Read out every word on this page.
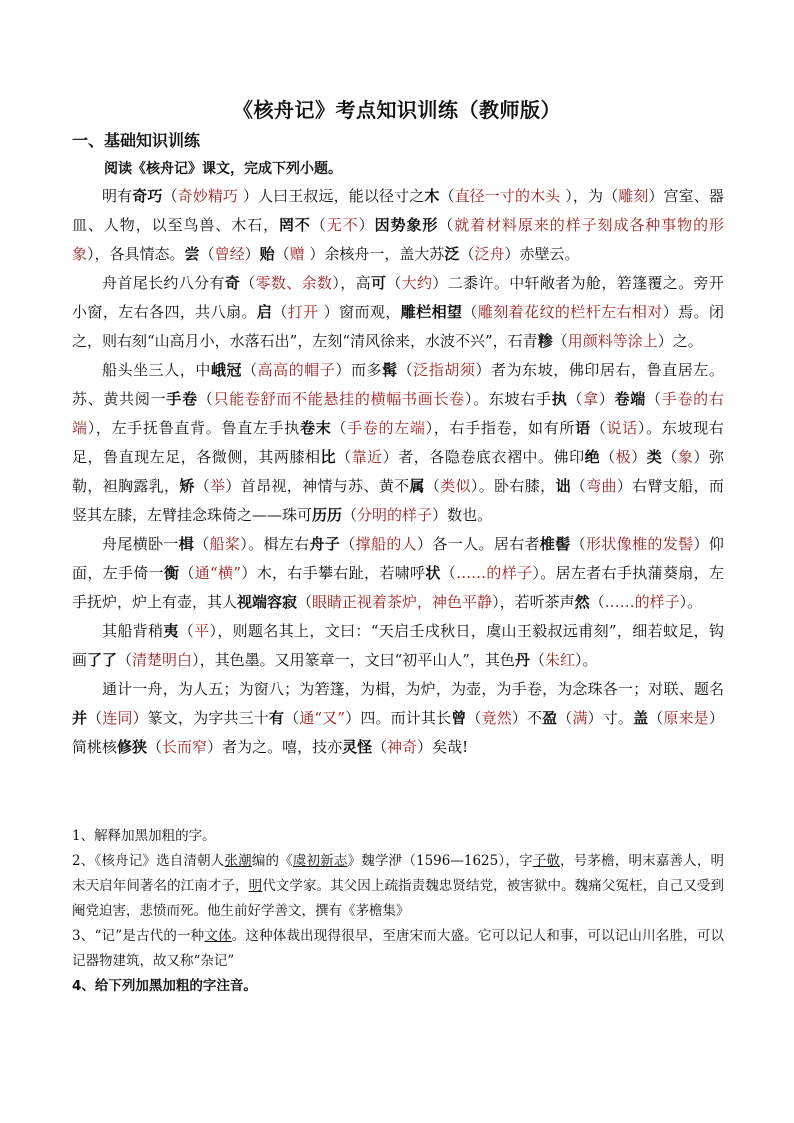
《核舟记》考点知识训练（教师版）
一、基础知识训练
阅读《核舟记》课文，完成下列小题。

明有奇巧（奇妙精巧 ）人曰王叔远，能以径寸之木（直径一寸的木头 ），为（雕刻）宫室、器皿、人物，以至鸟兽、木石，罔不（无不）因势象形（就着材料原来的样子刻成各种事物的形象），各具情态。尝（曾经）贻（赠 ）余核舟一，盖大苏泛（泛舟）赤壁云。

舟首尾长约八分有奇（零数、余数），高可（大约）二黍许。中轩敞者为舱，箬篷覆之。旁开小窗，左右各四，共八扇。启（打开 ）窗而观，雕栏相望（雕刻着花纹的栏杆左右相对）焉。闭之，则右刻“山高月小，水落石出”，左刻“清风徐来，水波不兴”，石青糁（用颜料等涂上）之。

船头坐三人，中峨冠（高高的帽子）而多髯（泛指胡须）者为东坡，佛印居右，鲁直居左。苏、黄共阅一手卷（只能卷舒而不能悬挂的横幅书画长卷）。东坡右手执（拿）卷端（手卷的右端），左手抚鲁直背。鲁直左手执卷末（手卷的左端），右手指卷，如有所语（说话）。东坡现右足，鲁直现左足，各微侧，其两膝相比（靠近）者，各隐卷底衣褶中。佛印绝（极）类（象）弥勒，袒胸露乳，矫（举）首昂视，神情与苏、黄不属（类似）。卧右膝，诎（弯曲）右臂支船，而竖其左膝，左臂挂念珠倚之——珠可历历（分明的样子）数也。

舟尾横卧一楫（船桨）。楫左右舟子（撑船的人）各一人。居右者椎髻（形状像椎的发髻）仰面，左手倚一衡（通“横”）木，右手攀右趾，若啸呼状（……的样子）。居左者右手执蒲葵扇，左手抚炉，炉上有壶，其人视端容寂（眼睛正视着茶炉，神色平静），若听茶声然（……的样子）。

其船背稍夷（平），则题名其上，文曰：“天启壬戌秋日，虞山王毅叔远甫刻”，细若蚊足，钩画了了（清楚明白），其色墨。又用篆章一，文曰“初平山人”，其色丹（朱红）。

通计一舟，为人五；为窗八；为箬篷，为楫，为炉，为壶，为手卷，为念珠各一；对联、题名并（连同）篆文，为字共三十有（通“又”）四。而计其长曾（竟然）不盈（满）寸。盖（原来是）简桃核修狭（长而窄）者为之。嘻，技亦灵怪（神奇）矣哉!

1、解释加黑加粗的字。

2、《核舟记》选自清朝人张潮编的《虞初新志》魏学洢（1596—1625），字子敬，号茅檐，明末嘉善人，明末天启年间著名的江南才子，明代文学家。其父因上疏指责魏忠贤结党，被害狱中。魏痛父冤枉，自己又受到阉党迫害，悲愤而死。他生前好学善文，撰有《茅檐集》

3、“记”是古代的一种文体。这种体裁出现得很早，至唐宋而大盛。它可以记人和事，可以记山川名胜，可以记器物建筑，故又称“杂记”

4、给下列加黑加粗的字注音。
